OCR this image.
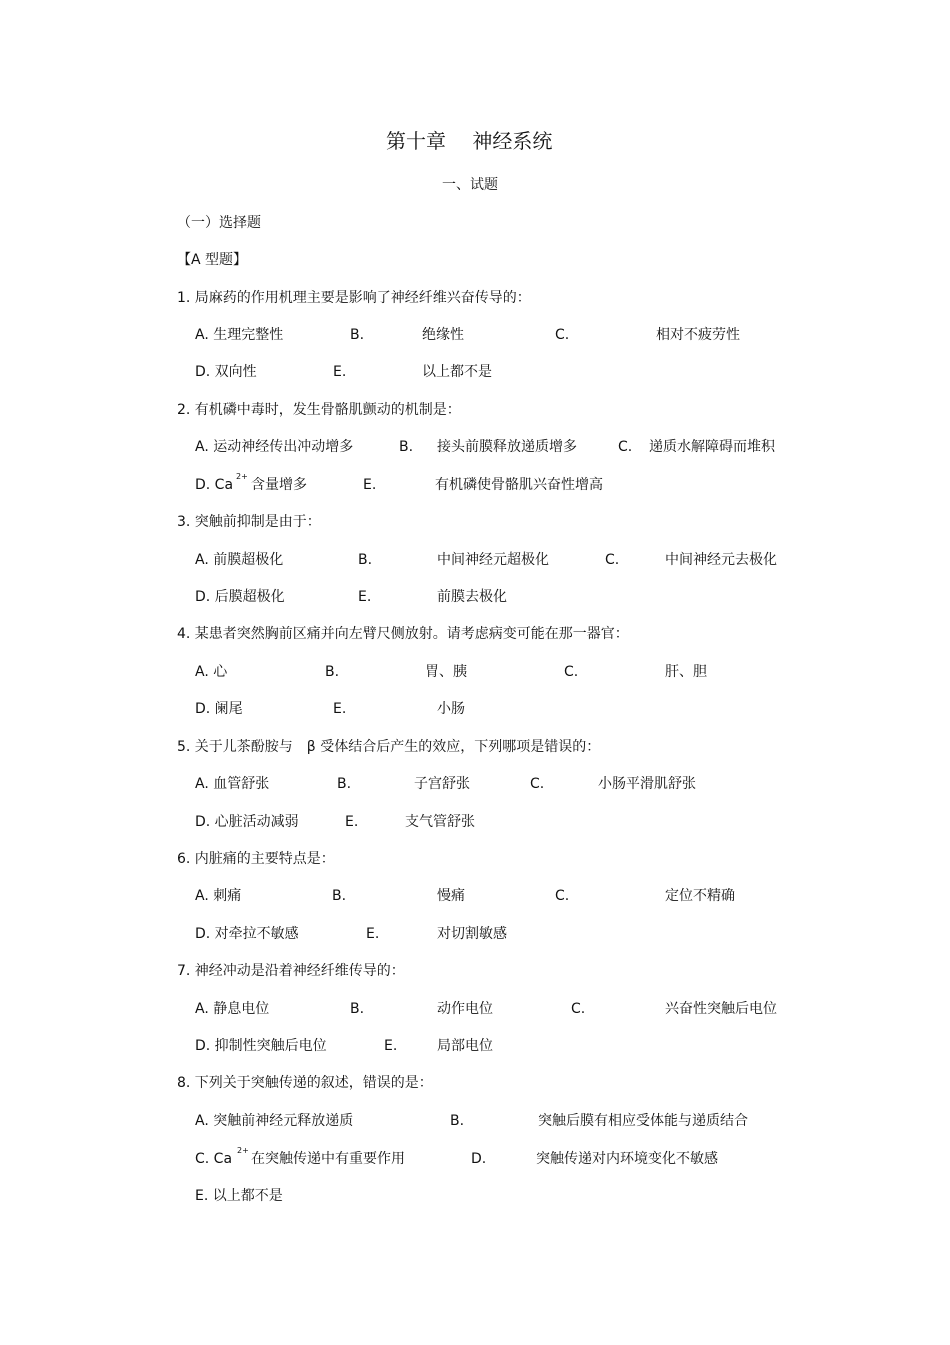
第十章　 神经系统
一、试题
（一）选择题
【A 型题】
1. 局麻药的作用机理主要是影响了神经纤维兴奋传导的：
A. 生理完整性	B.	绝缘性	C.	相对不疲劳性
D. 双向性	E.	以上都不是
2. 有机磷中毒时，发生骨骼肌颤动的机制是：
A. 运动神经传出冲动增多	B. 接头前膜释放递质增多	C. 递质水解障碍而堆积
D. Ca
2+
含量增多	E.	有机磷使骨骼肌兴奋性增高
3. 突触前抑制是由于：
A. 前膜超极化	B.	中间神经元超极化	C.	中间神经元去极化
D. 后膜超极化	E.	前膜去极化
4. 某患者突然胸前区痛并向左臂尺侧放射。请考虑病变可能在那一器官：
A. 心	B.	胃、胰	C.	肝、胆
D. 阑尾	E.	小肠
5. 关于儿茶酚胺与　β 受体结合后产生的效应，下列哪项是错误的：
A. 血管舒张	B.	子宫舒张	C.	小肠平滑肌舒张
D. 心脏活动减弱	E.	支气管舒张
6. 内脏痛的主要特点是：
A. 刺痛	B.	慢痛	C.	定位不精确
D. 对牵拉不敏感	E.	对切割敏感
7. 神经冲动是沿着神经纤维传导的：
A. 静息电位	B.	动作电位	C.	兴奋性突触后电位
D. 抑制性突触后电位	E.	局部电位
8. 下列关于突触传递的叙述，错误的是：
A. 突触前神经元释放递质	B.	突触后膜有相应受体能与递质结合
C. Ca
2+
在突触传递中有重要作用	D.	突触传递对内环境变化不敏感
E. 以上都不是
